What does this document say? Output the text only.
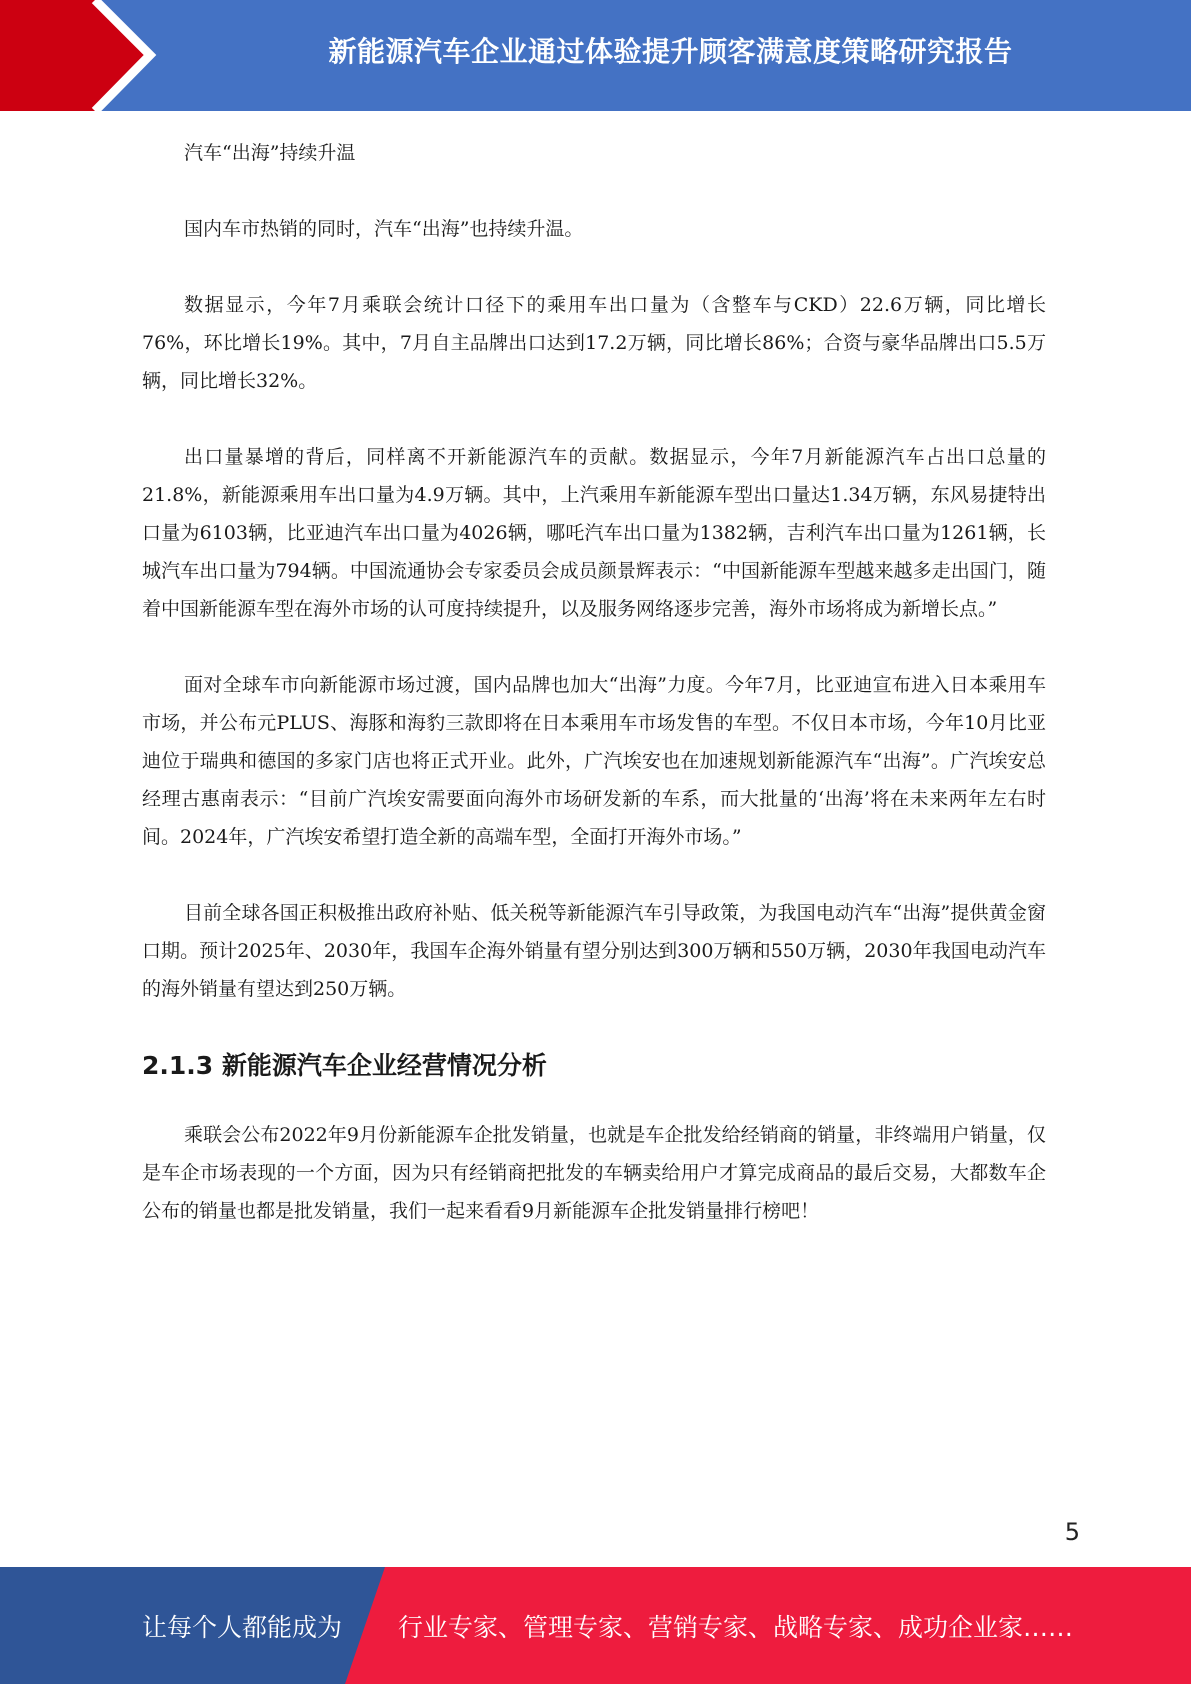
新能源汽车企业通过体验提升顾客满意度策略研究报告

汽车“出海”持续升温

国内车市热销的同时，汽车“出海”也持续升温。

数据显示，今年7月乘联会统计口径下的乘用车出口量为（含整车与CKD）22.6万辆，同比增长76%，环比增长19%。其中，7月自主品牌出口达到17.2万辆，同比增长86%；合资与豪华品牌出口5.5万辆，同比增长32%。

出口量暴增的背后，同样离不开新能源汽车的贡献。数据显示，今年7月新能源汽车占出口总量的21.8%，新能源乘用车出口量为4.9万辆。其中，上汽乘用车新能源车型出口量达1.34万辆，东风易捷特出口量为6103辆，比亚迪汽车出口量为4026辆，哪吒汽车出口量为1382辆，吉利汽车出口量为1261辆，长城汽车出口量为794辆。中国流通协会专家委员会成员颜景辉表示：“中国新能源车型越来越多走出国门，随着中国新能源车型在海外市场的认可度持续提升，以及服务网络逐步完善，海外市场将成为新增长点。”

面对全球车市向新能源市场过渡，国内品牌也加大“出海”力度。今年7月，比亚迪宣布进入日本乘用车市场，并公布元PLUS、海豚和海豹三款即将在日本乘用车市场发售的车型。不仅日本市场，今年10月比亚迪位于瑞典和德国的多家门店也将正式开业。此外，广汽埃安也在加速规划新能源汽车“出海”。广汽埃安总经理古惠南表示：“目前广汽埃安需要面向海外市场研发新的车系，而大批量的‘出海’将在未来两年左右时间。2024年，广汽埃安希望打造全新的高端车型，全面打开海外市场。”

目前全球各国正积极推出政府补贴、低关税等新能源汽车引导政策，为我国电动汽车“出海”提供黄金窗口期。预计2025年、2030年，我国车企海外销量有望分别达到300万辆和550万辆，2030年我国电动汽车的海外销量有望达到250万辆。

2.1.3 新能源汽车企业经营情况分析

乘联会公布2022年9月份新能源车企批发销量，也就是车企批发给经销商的销量，非终端用户销量，仅是车企市场表现的一个方面，因为只有经销商把批发的车辆卖给用户才算完成商品的最后交易，大都数车企公布的销量也都是批发销量，我们一起来看看9月新能源车企批发销量排行榜吧！

5
让每个人都能成为 行业专家、管理专家、营销专家、战略专家、成功企业家……
